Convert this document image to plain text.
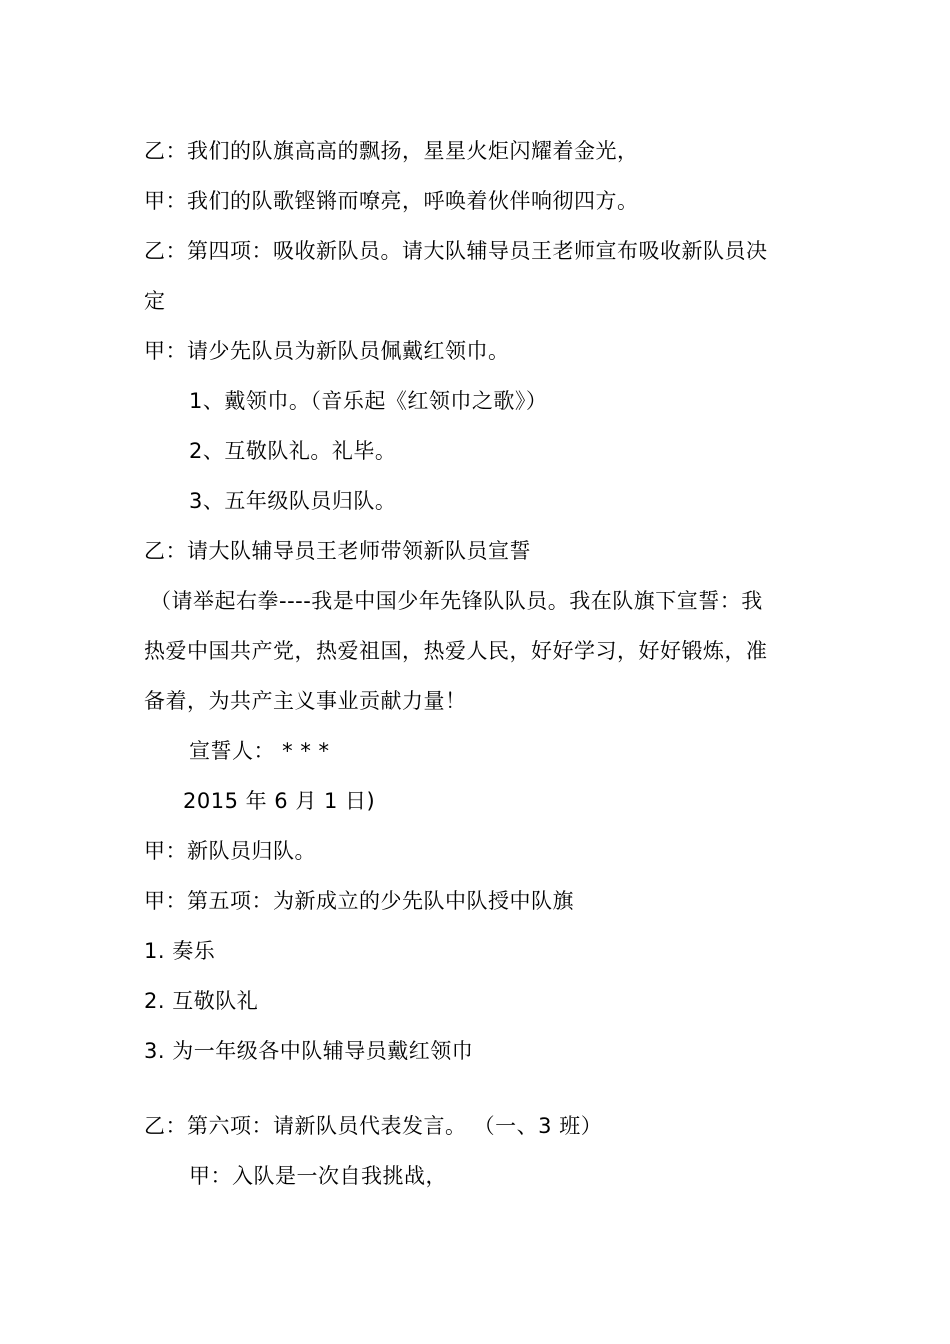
乙：我们的队旗高高的飘扬，星星火炬闪耀着金光，
甲：我们的队歌铿锵而嘹亮，呼唤着伙伴响彻四方。
乙：第四项：吸收新队员。请大队辅导员王老师宣布吸收新队员决
定
甲：请少先队员为新队员佩戴红领巾。
1、戴领巾。（音乐起《红领巾之歌》）
2、互敬队礼。礼毕。
3、五年级队员归队。
乙：请大队辅导员王老师带领新队员宣誓
（请举起右拳----我是中国少年先锋队队员。我在队旗下宣誓：我
热爱中国共产党，热爱祖国，热爱人民，好好学习，好好锻炼，准
备着，为共产主义事业贡献力量！
宣誓人： * * *
2015 年 6 月 1 日)
甲：新队员归队。
甲：第五项：为新成立的少先队中队授中队旗
1. 奏乐
2. 互敬队礼
3. 为一年级各中队辅导员戴红领巾
乙：第六项：请新队员代表发言。 （一、3 班）
甲：入队是一次自我挑战，
